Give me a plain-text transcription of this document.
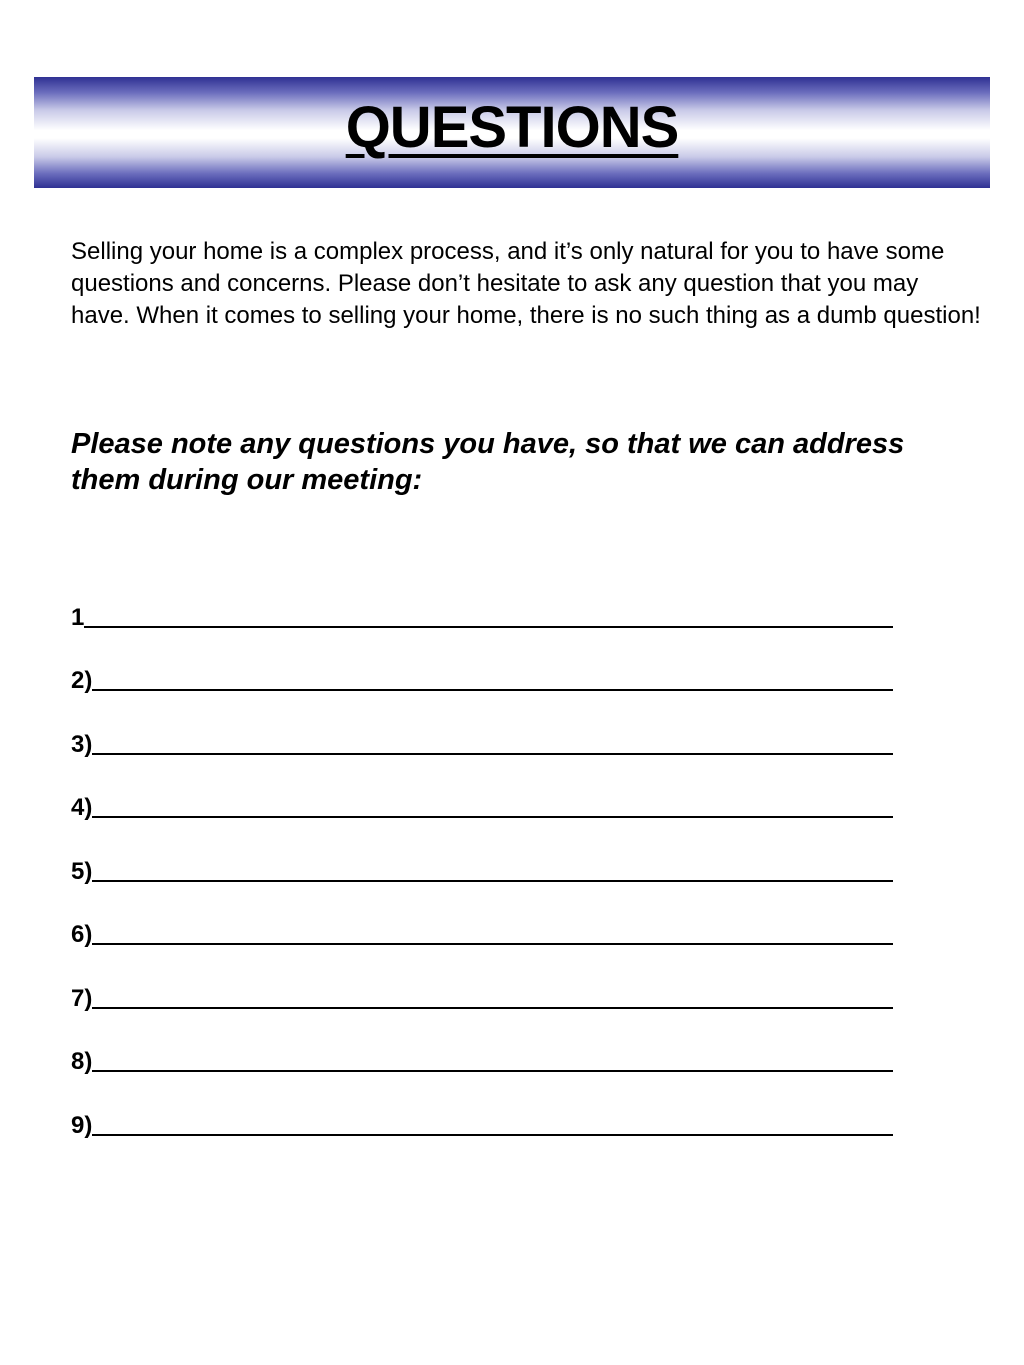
QUESTIONS

Selling your home is a complex process, and it’s only natural for you to have some questions and concerns. Please don’t hesitate to ask any question that you may have. When it comes to selling your home, there is no such thing as a dumb question!

Please note any questions you have, so that we can address them during our meeting:

1
2)
3)
4)
5)
6)
7)
8)
9)
